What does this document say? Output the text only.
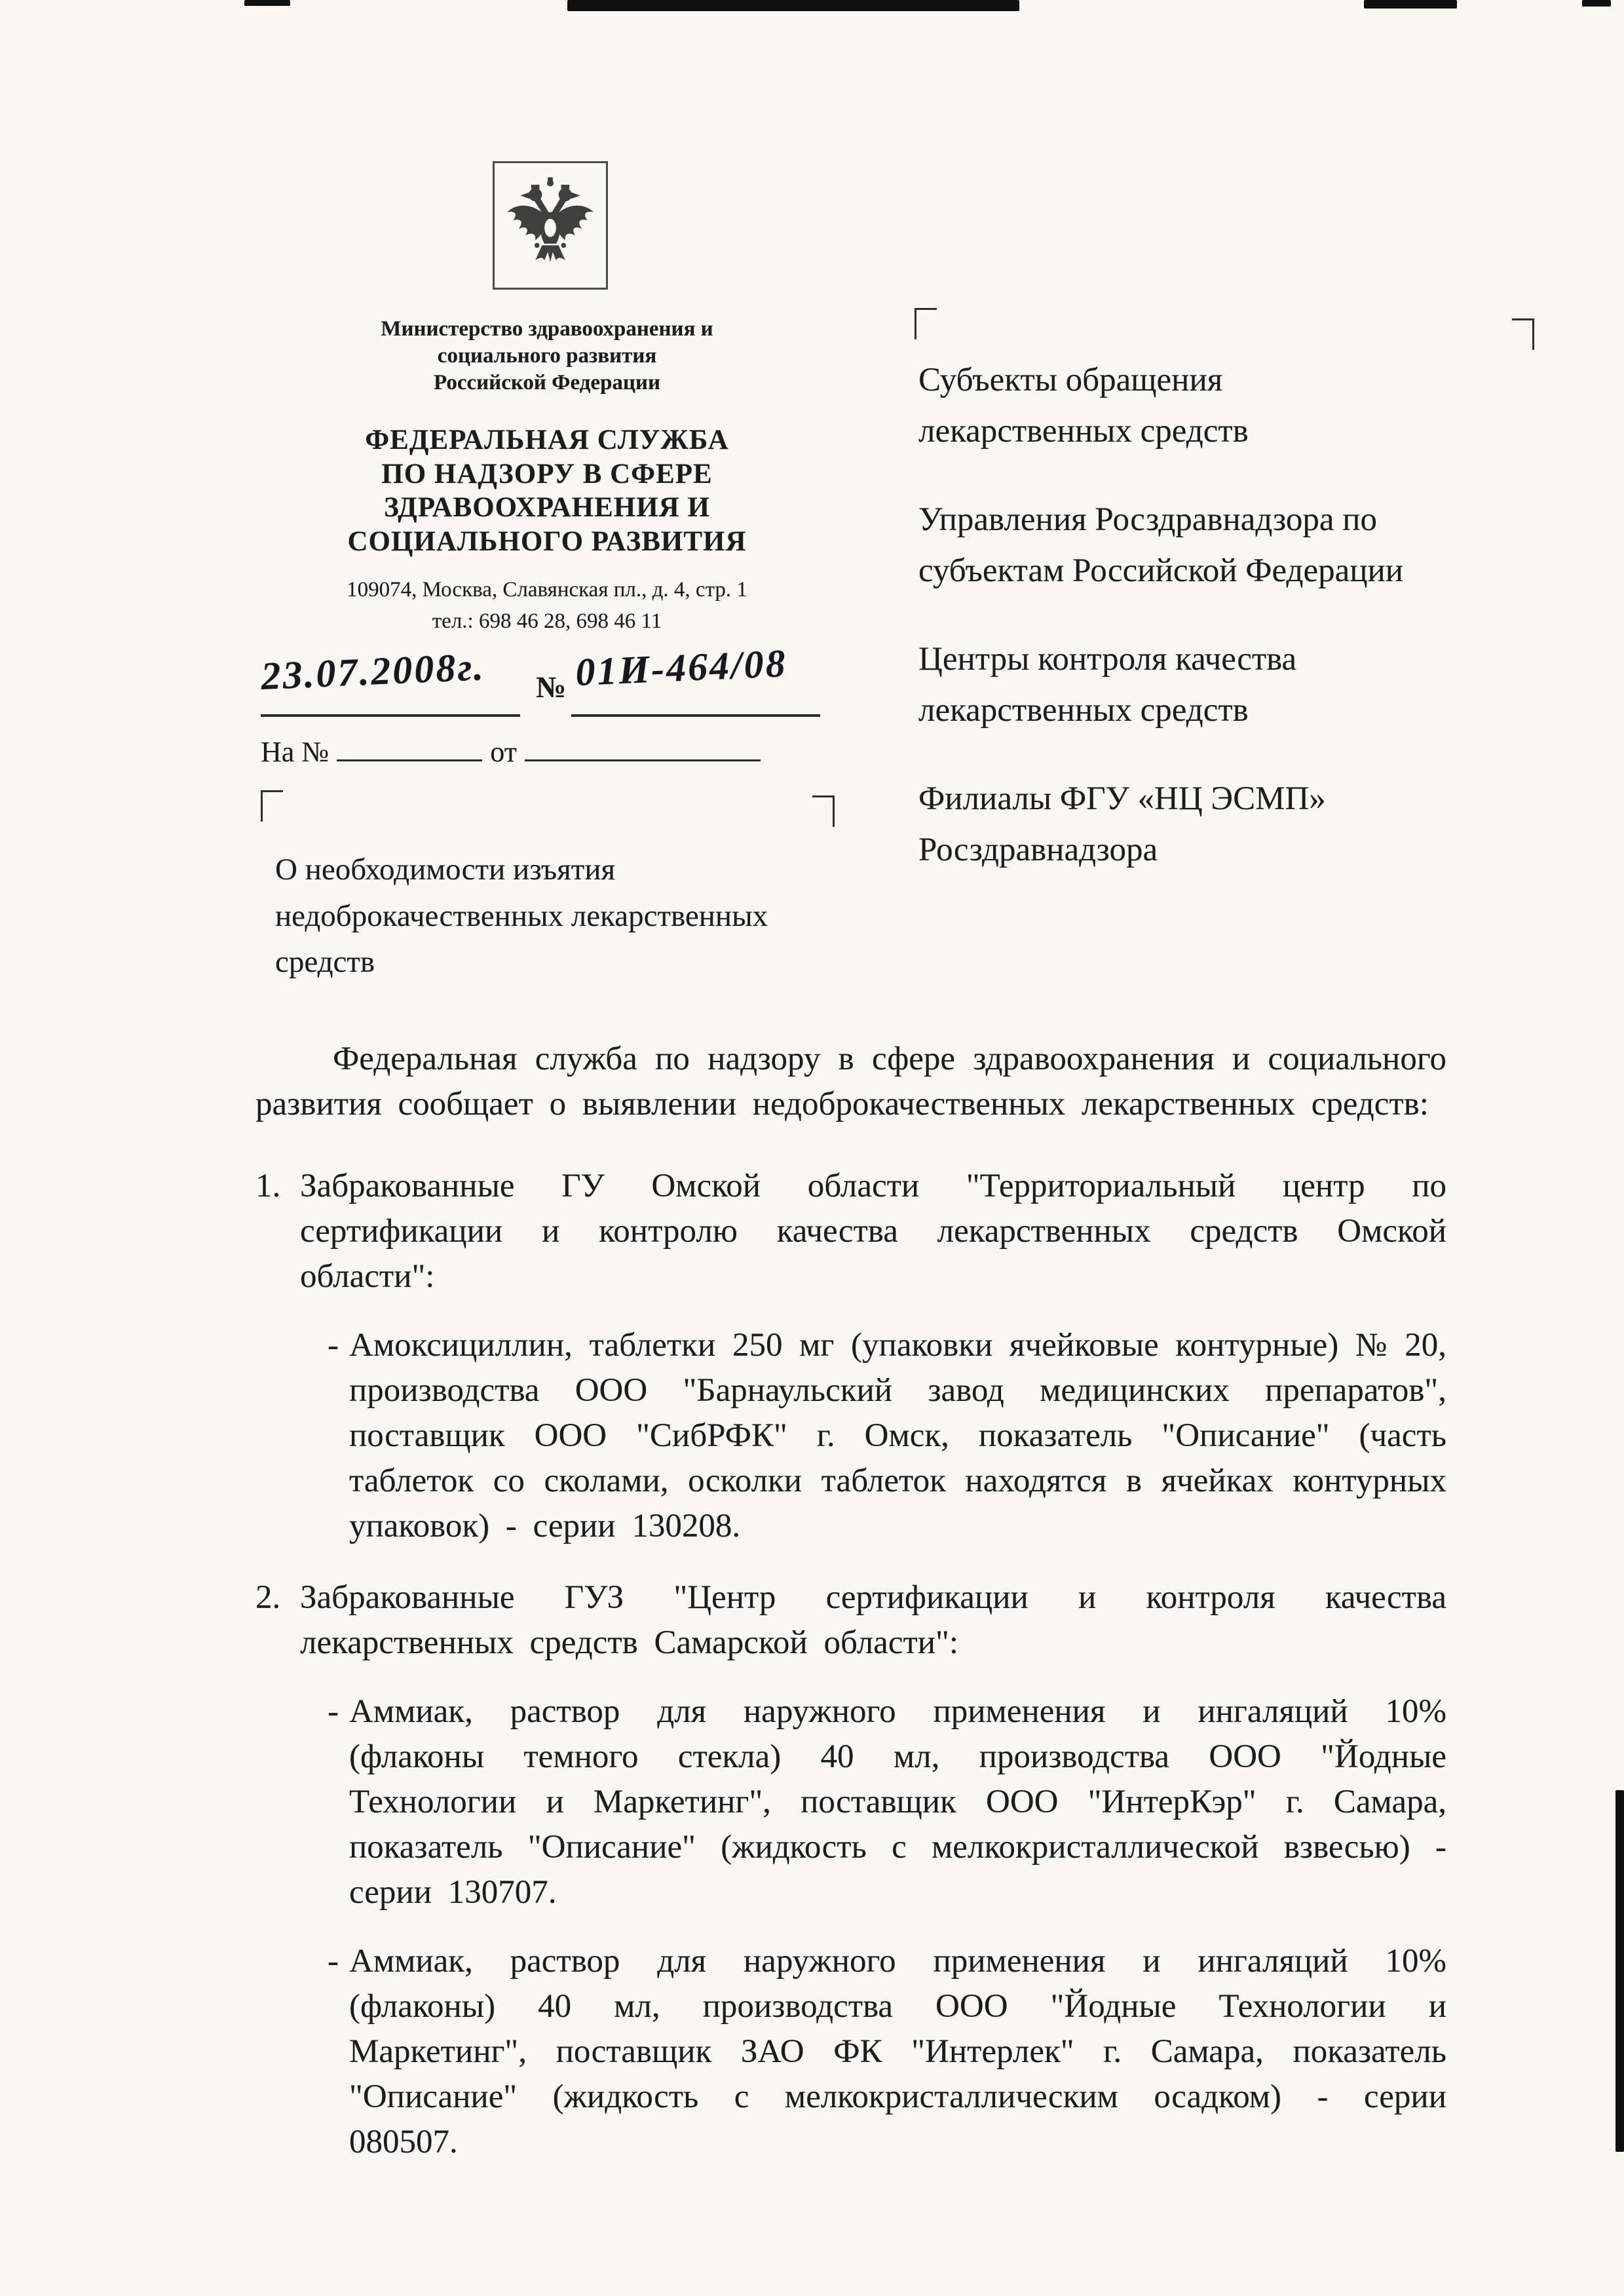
Министерство здравоохранения и
социального развития
Российской Федерации
ФЕДЕРАЛЬНАЯ СЛУЖБА
ПО НАДЗОРУ В СФЕРЕ
ЗДРАВООХРАНЕНИЯ И
СОЦИАЛЬНОГО РАЗВИТИЯ
109074, Москва, Славянская пл., д. 4, стр. 1
тел.: 698 46 28, 698 46 11
23.07.2008г. № 01И-464/08
На №	от
О необходимости изъятия
недоброкачественных лекарственных
средств
Субъекты обращения
лекарственных средств
Управления Росздравнадзора по
субъектам Российской Федерации
Центры контроля качества
лекарственных средств
Филиалы ФГУ «НЦ ЭСМП»
Росздравнадзора

Федеральная служба по надзору в сфере здравоохранения и социального развития сообщает о выявлении недоброкачественных лекарственных средств:

1. Забракованные ГУ Омской области "Территориальный центр по сертификации и контролю качества лекарственных средств Омской области":
- Амоксициллин, таблетки 250 мг (упаковки ячейковые контурные) № 20, производства ООО "Барнаульский завод медицинских препаратов", поставщик ООО "СибРФК" г. Омск, показатель "Описание" (часть таблеток со сколами, осколки таблеток находятся в ячейках контурных упаковок) - серии 130208.
2. Забракованные ГУЗ "Центр сертификации и контроля качества лекарственных средств Самарской области":
- Аммиак, раствор для наружного применения и ингаляций 10% (флаконы темного стекла) 40 мл, производства ООО "Йодные Технологии и Маркетинг", поставщик ООО "ИнтерКэр" г. Самара, показатель "Описание" (жидкость с мелкокристаллической взвесью) - серии 130707.
- Аммиак, раствор для наружного применения и ингаляций 10% (флаконы) 40 мл, производства ООО "Йодные Технологии и Маркетинг", поставщик ЗАО ФК "Интерлек" г. Самара, показатель "Описание" (жидкость с мелкокристаллическим осадком) - серии 080507.
